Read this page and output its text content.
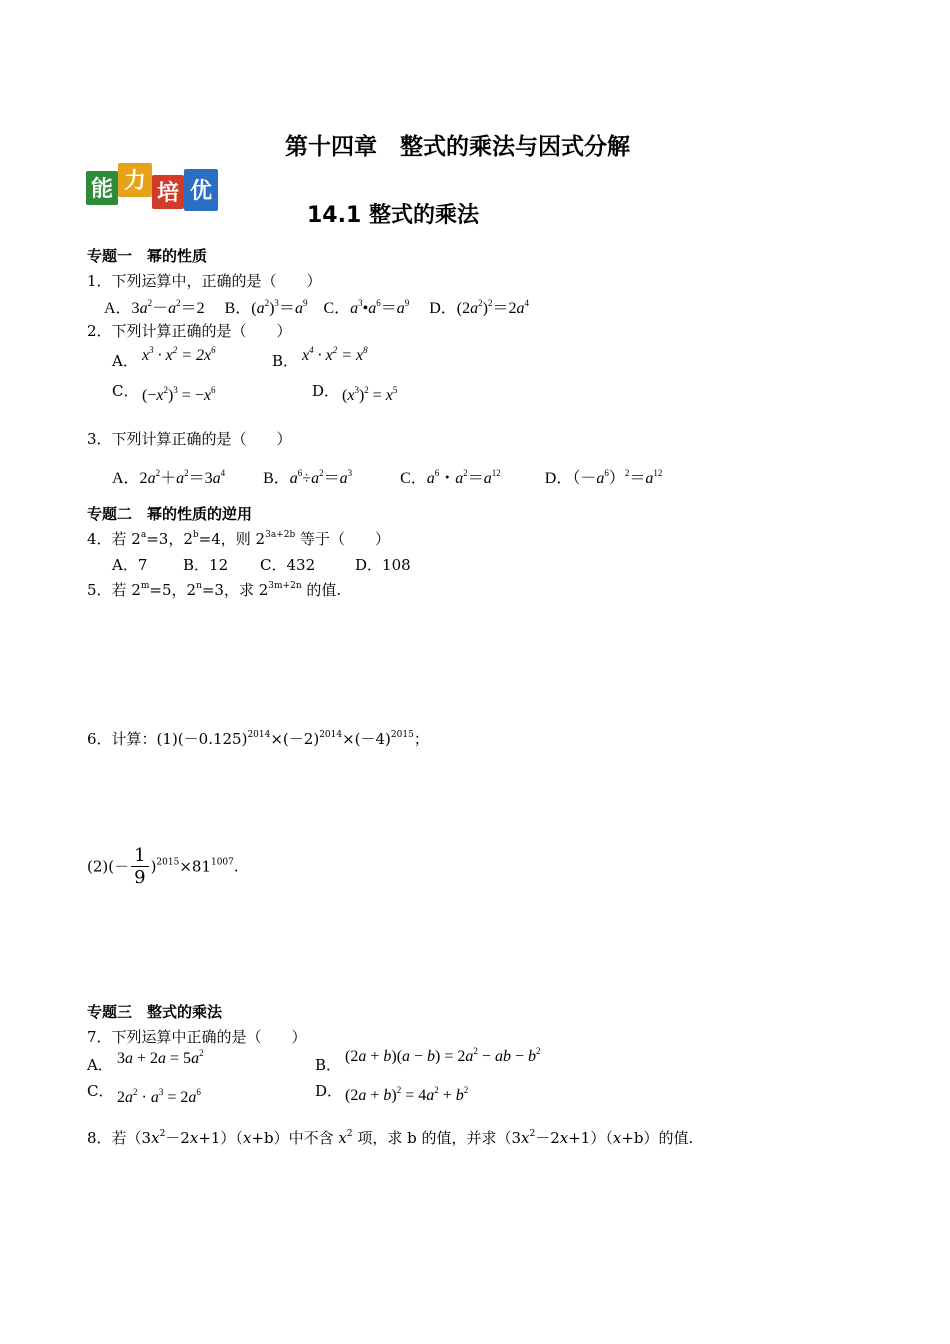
第十四章　整式的乘法与因式分解
能 力 培 优
14.1 整式的乘法
专题一　幂的性质
1．下列运算中，正确的是（　　）
A．$3a^2-a^2=2$　 B．$(a^2)^3=a^9$　C．$a^3•a^6=a^9$　 D．$(2a^2)^2=2a^4$
2．下列计算正确的是（　　）
A． $x^3 \cdot x^2 = 2x^6$
B． $x^4 \cdot x^2 = x^8$
C． $(-x^2)^3 = -x^6$	D． $(x^3)^2 = x^5$
3．下列计算正确的是（　　）
A．$2a^2+a^2=3a^4$ B．$a^6\div a^2=a^3$	C．$a^6$・$a^2=a^{12}$	D．$(-a^6)^2=a^{12}$
专题二　幂的性质的逆用
4．若 $2^a=3$，$2^b=4$，则 $2^{3a+2b}$ 等于（　　）
A．7 B．12 C．432	D．108
5．若 $2^m=5$，$2^n=3$，求 $2^{3m+2n}$ 的值.
6．计算：$(1)(-0.125)^{2014}\times(-2)^{2014}\times(-4)^{2015}$；
$(2)(- \frac{1}{9} )^{2015}\times 81^{1007}$.
专题三　整式的乘法
7．下列运算中正确的是（　　）
A． $3a + 2a = 5a^2$
B． $(2a + b)(a - b) = 2a^2$ − ab − $b^2$
C． $2a^2 \cdot a^3 = 2a^6$	D． $(2a + b)^2 = 4a^2 + b^2$
8．若$(3x^2-2x+1)(x+b)$中不含 $x^2$ 项，求 b 的值，并求$(3x^2-2x+1)(x+b)$的值.
